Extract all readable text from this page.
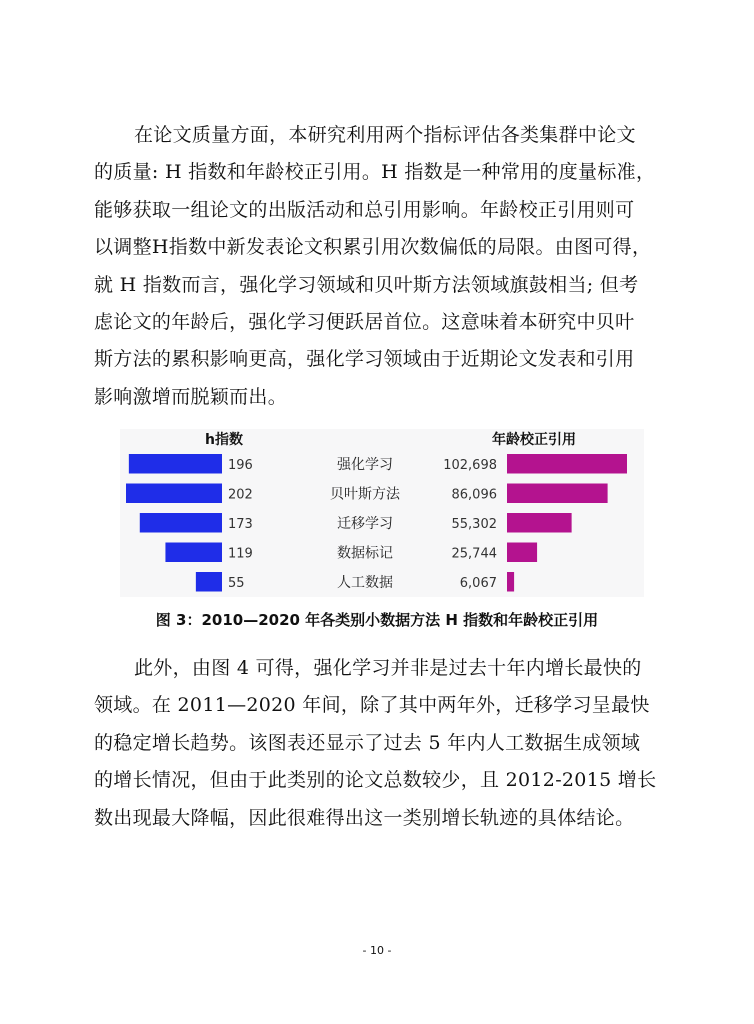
在论文质量方面，本研究利用两个指标评估各类集群中论文
的质量: H 指数和年龄校正引用。H 指数是一种常用的度量标准，
能够获取一组论文的出版活动和总引用影响。年龄校正引用则可
以调整H指数中新发表论文积累引用次数偏低的局限。由图可得，
就 H 指数而言，强化学习领域和贝叶斯方法领域旗鼓相当; 但考
虑论文的年龄后，强化学习便跃居首位。这意味着本研究中贝叶
斯方法的累积影响更高，强化学习领域由于近期论文发表和引用
影响激增而脱颖而出。

h指数	年龄校正引用
196	强化学习	102,698
202	贝叶斯方法	86,096
173	迁移学习	55,302
119	数据标记	25,744
55	人工数据	6,067
图 3：2010—2020 年各类别小数据方法 H 指数和年龄校正引用

此外，由图 4 可得，强化学习并非是过去十年内增长最快的
领域。在 2011—2020 年间，除了其中两年外，迁移学习呈最快
的稳定增长趋势。该图表还显示了过去 5 年内人工数据生成领域
的增长情况，但由于此类别的论文总数较少，且 2012-2015 增长
数出现最大降幅，因此很难得出这一类别增长轨迹的具体结论。

- 10 -
